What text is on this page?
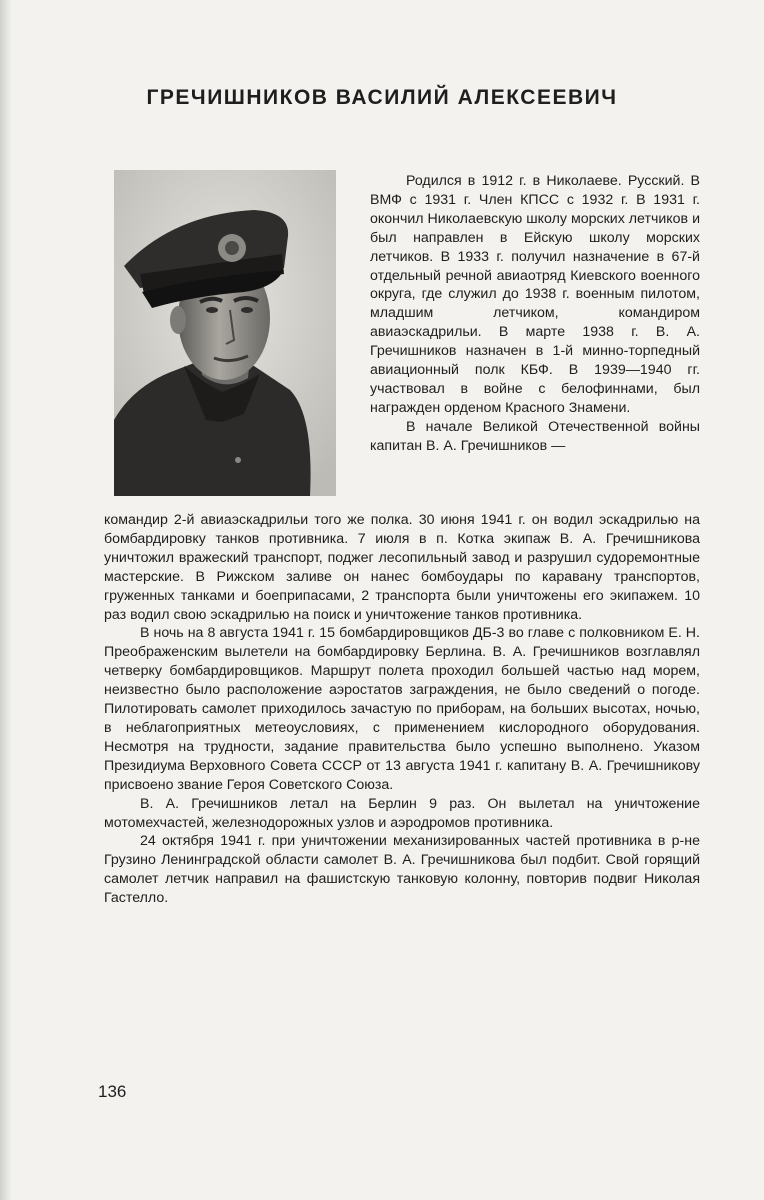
ГРЕЧИШНИКОВ ВАСИЛИЙ АЛЕКСЕЕВИЧ

Родился в 1912 г. в Николаеве. Русский. В ВМФ с 1931 г. Член КПСС с 1932 г. В 1931 г. окончил Николаевскую школу морских летчиков и был направлен в Ейскую школу морских летчиков. В 1933 г. получил назначение в 67-й отдельный речной авиаотряд Киевского военного округа, где служил до 1938 г. военным пилотом, младшим летчиком, командиром авиаэскадрильи. В марте 1938 г. В. А. Гречишников назначен в 1-й минно-торпедный авиационный полк КБФ. В 1939—1940 гг. участвовал в войне с белофиннами, был награжден орденом Красного Знамени.

В начале Великой Отечественной войны капитан В. А. Гречишников —

командир 2-й авиаэскадрильи того же полка. 30 июня 1941 г. он водил эскадрилью на бомбардировку танков противника. 7 июля в п. Котка экипаж В. А. Гречишникова уничтожил вражеский транспорт, поджег лесопильный завод и разрушил судоремонтные мастерские. В Рижском заливе он нанес бомбоудары по каравану транспортов, груженных танками и боеприпасами, 2 транспорта были уничтожены его экипажем. 10 раз водил свою эскадрилью на поиск и уничтожение танков противника.

В ночь на 8 августа 1941 г. 15 бомбардировщиков ДБ-3 во главе с полковником Е. Н. Преображенским вылетели на бомбардировку Берлина. В. А. Гречишников возглавлял четверку бомбардировщиков. Маршрут полета проходил большей частью над морем, неизвестно было расположение аэростатов заграждения, не было сведений о погоде. Пилотировать самолет приходилось зачастую по приборам, на больших высотах, ночью, в неблагоприятных метеоусловиях, с применением кислородного оборудования. Несмотря на трудности, задание правительства было успешно выполнено. Указом Президиума Верховного Совета СССР от 13 августа 1941 г. капитану В. А. Гречишникову присвоено звание Героя Советского Союза.

В. А. Гречишников летал на Берлин 9 раз. Он вылетал на уничтожение мотомехчастей, железнодорожных узлов и аэродромов противника.

24 октября 1941 г. при уничтожении механизированных частей противника в р-не Грузино Ленинградской области самолет В. А. Гречишникова был подбит. Свой горящий самолет летчик направил на фашистскую танковую колонну, повторив подвиг Николая Гастелло.

136
